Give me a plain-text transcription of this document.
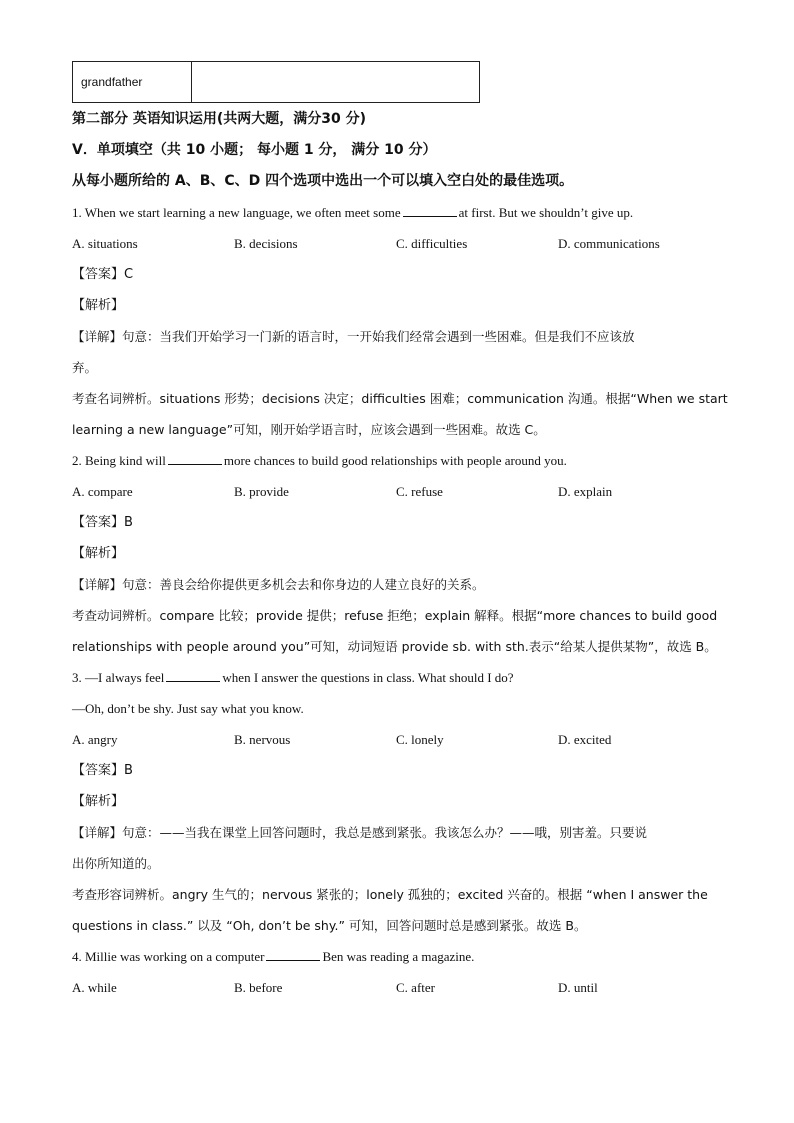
grandfather	
第二部分 英语知识运用(共两大题，满分30 分)
V．单项填空（共 10 小题； 每小题 1 分， 满分 10 分）
从每小题所给的 A、B、C、D 四个选项中选出一个可以填入空白处的最佳选项。
1. When we start learning a new language, we often meet some	at first. But we shouldn’t give up.
A. situations	B. decisions	C. difficulties	D. communications
【答案】C
【解析】
【详解】句意：当我们开始学习一门新的语言时，一开始我们经常会遇到一些困难。但是我们不应该放
弃。
考查名词辨析。situations 形势；decisions 决定；difficulties 困难；communication 沟通。根据“When we start
learning a new language”可知，刚开始学语言时，应该会遇到一些困难。故选 C。
2. Being kind will	more chances to build good relationships with people around you.
A. compare	B. provide	C. refuse	D. explain
【答案】B
【解析】
【详解】句意：善良会给你提供更多机会去和你身边的人建立良好的关系。
考查动词辨析。compare 比较；provide 提供；refuse 拒绝；explain 解释。根据“more chances to build good
relationships with people around you”可知，动词短语 provide sb. with sth.表示“给某人提供某物”，故选 B。
3. —I always feel	when I answer the questions in class. What should I do?
—Oh, don’t be shy. Just say what you know.
A. angry	B. nervous	C. lonely	D. excited
【答案】B
【解析】
【详解】句意：——当我在课堂上回答问题时，我总是感到紧张。我该怎么办？——哦，别害羞。只要说
出你所知道的。
考查形容词辨析。angry 生气的；nervous 紧张的；lonely 孤独的；excited 兴奋的。根据 “when I answer the
questions in class.” 以及 “Oh, don’t be shy.” 可知，回答问题时总是感到紧张。故选 B。
4. Millie was working on a computer	Ben was reading a magazine.
A. while	B. before	C. after	D. until
